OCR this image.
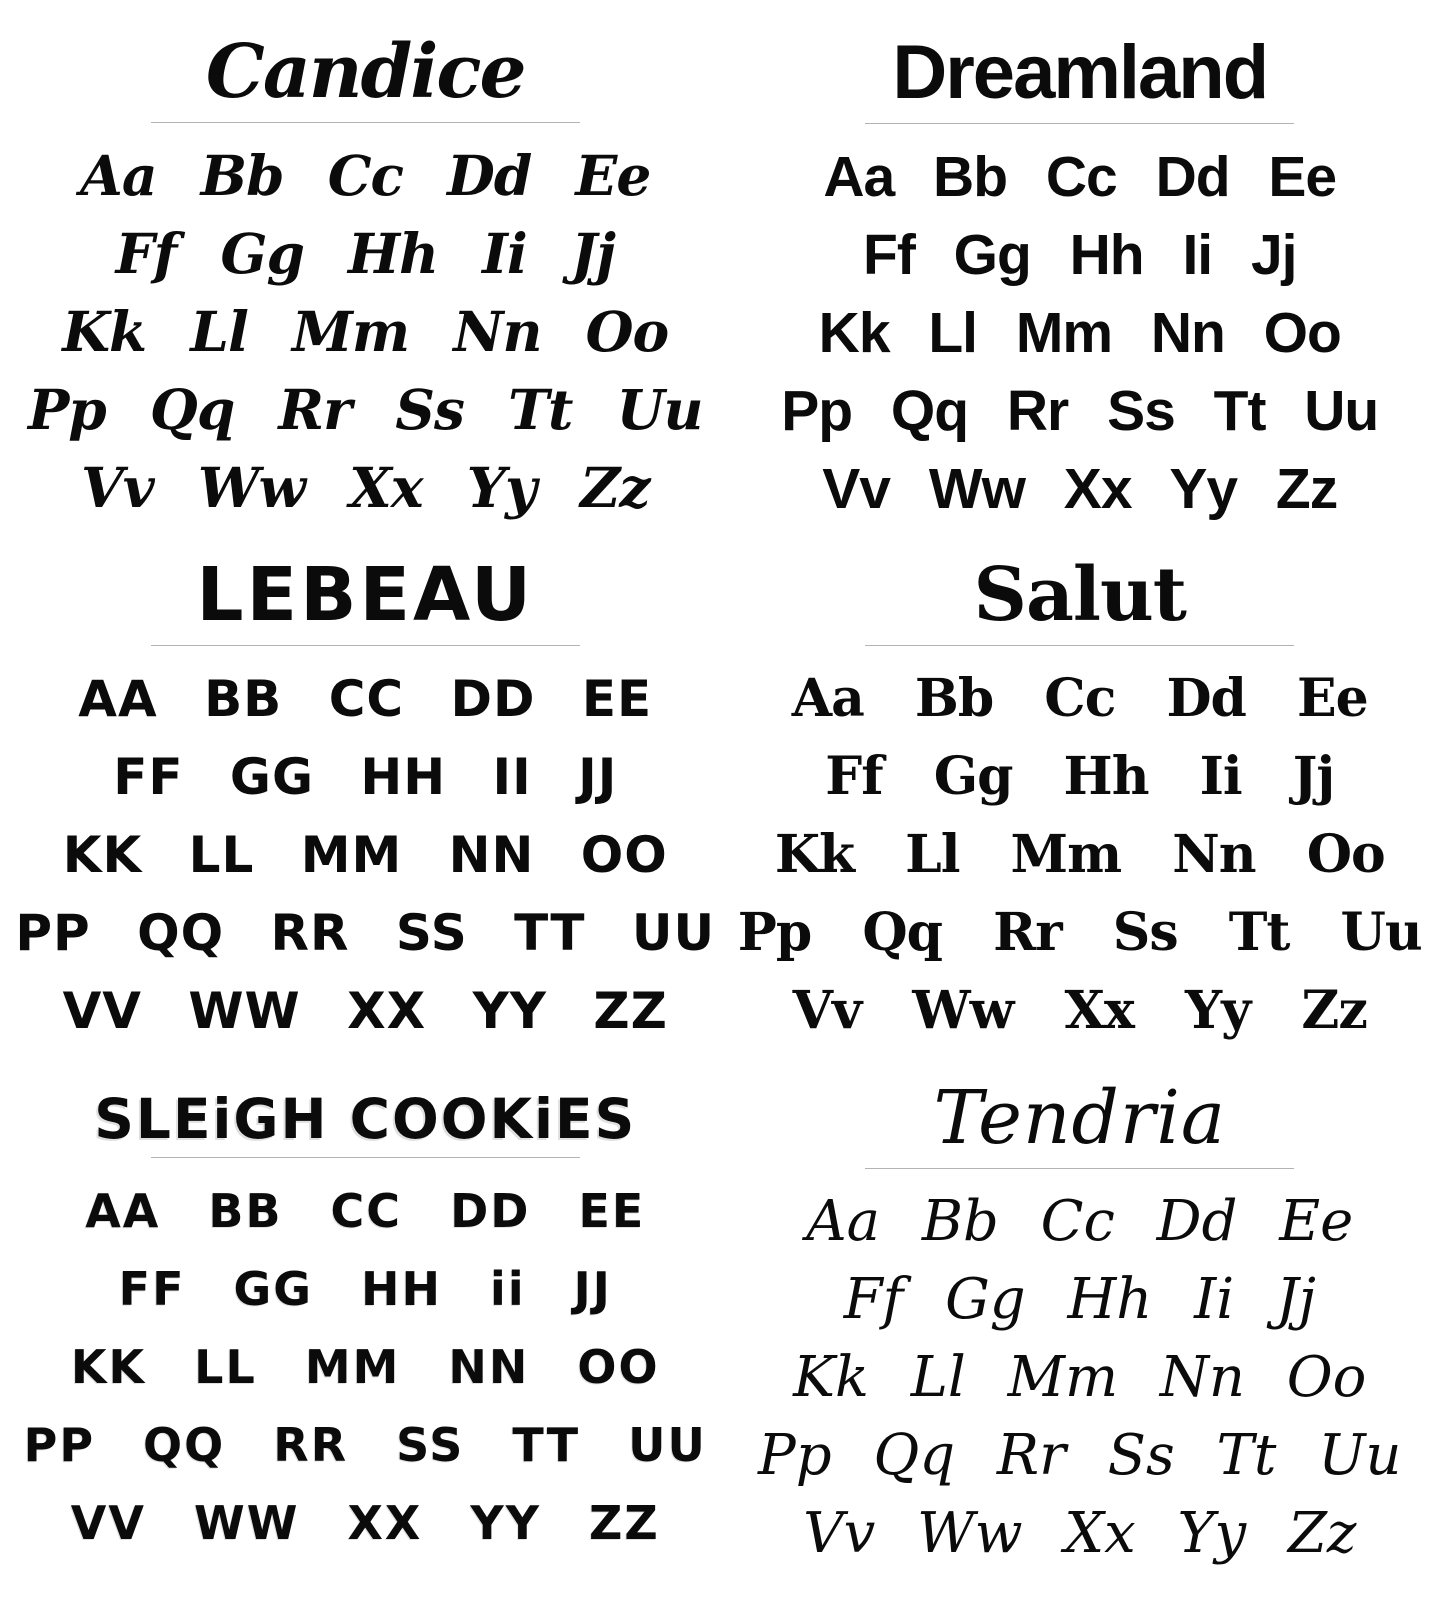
Candice
Aa Bb Cc Dd Ee
Ff Gg Hh Ii Jj
Kk Ll Mm Nn Oo
Pp Qq Rr Ss Tt Uu
Vv Ww Xx Yy Zz
Dreamland
Aa Bb Cc Dd Ee
Ff Gg Hh Ii Jj
Kk Ll Mm Nn Oo
Pp Qq Rr Ss Tt Uu
Vv Ww Xx Yy Zz
LEBEAU
AA BB CC DD EE
FF GG HH II JJ
KK LL MM NN OO
PP QQ RR SS TT UU
VV WW XX YY ZZ
Salut
Aa Bb Cc Dd Ee
Ff Gg Hh Ii Jj
Kk Ll Mm Nn Oo
Pp Qq Rr Ss Tt Uu
Vv Ww Xx Yy Zz
SLEiGH COOKiES
AA BB CC DD EE
FF GG HH ii JJ
KK LL MM NN OO
PP QQ RR SS TT UU
VV WW XX YY ZZ
Tendria
Aa Bb Cc Dd Ee
Ff Gg Hh Ii Jj
Kk Ll Mm Nn Oo
Pp Qq Rr Ss Tt Uu
Vv Ww Xx Yy Zz
